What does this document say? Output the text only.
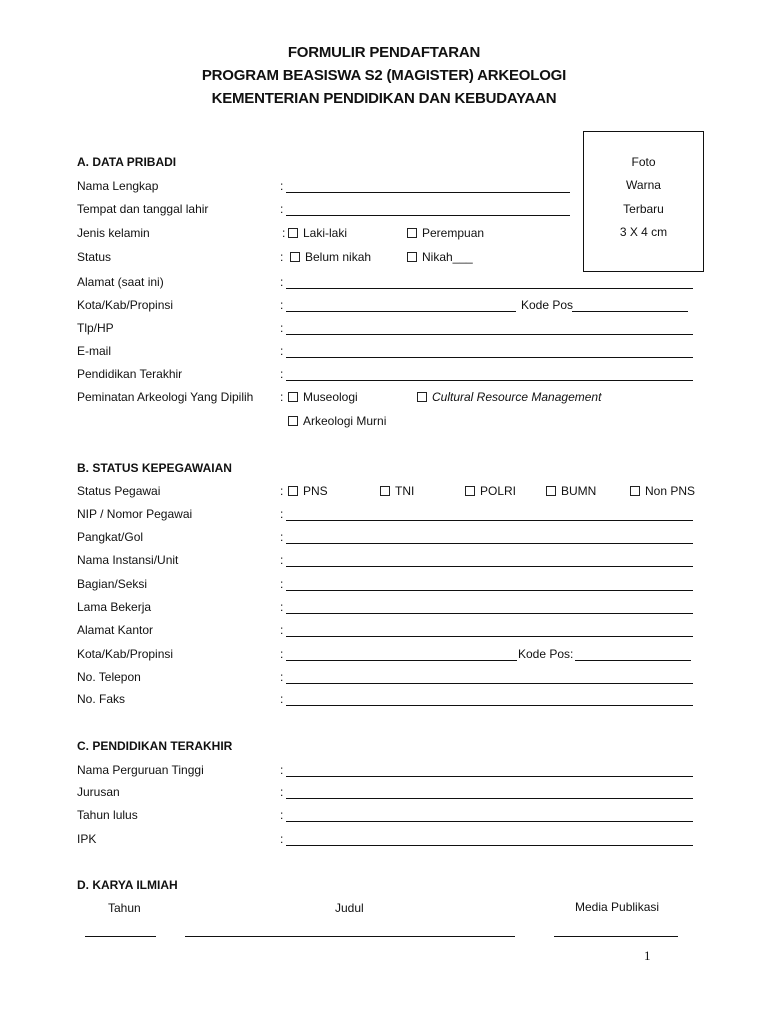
FORMULIR PENDAFTARAN
PROGRAM BEASISWA S2 (MAGISTER) ARKEOLOGI
KEMENTERIAN PENDIDIKAN DAN KEBUDAYAAN
Foto
Warna
Terbaru
3 X 4 cm
A. DATA PRIBADI
Nama Lengkap	:
Tempat dan tanggal lahir	:
Jenis kelamin	:	Laki-laki	Perempuan
Status	:	Belum nikah	Nikah___
Alamat (saat ini)	:
Kota/Kab/Propinsi	:	Kode Pos
Tlp/HP	:
E-mail	:
Pendidikan Terakhir	:
Peminatan Arkeologi Yang Dipilih :	Museologi	Cultural Resource Management
Arkeologi Murni
B. STATUS KEPEGAWAIAN
Status Pegawai	:	PNS	TNI	POLRI	BUMN	Non PNS
NIP / Nomor Pegawai	:
Pangkat/Gol	:
Nama Instansi/Unit	:
Bagian/Seksi	:
Lama Bekerja	:
Alamat Kantor	:
Kota/Kab/Propinsi	:	Kode Pos:
No. Telepon	:
No. Faks	:
C. PENDIDIKAN TERAKHIR
Nama Perguruan Tinggi	:
Jurusan	:
Tahun lulus	:
IPK	:
D. KARYA ILMIAH
Tahun	Judul	Media Publikasi
1
